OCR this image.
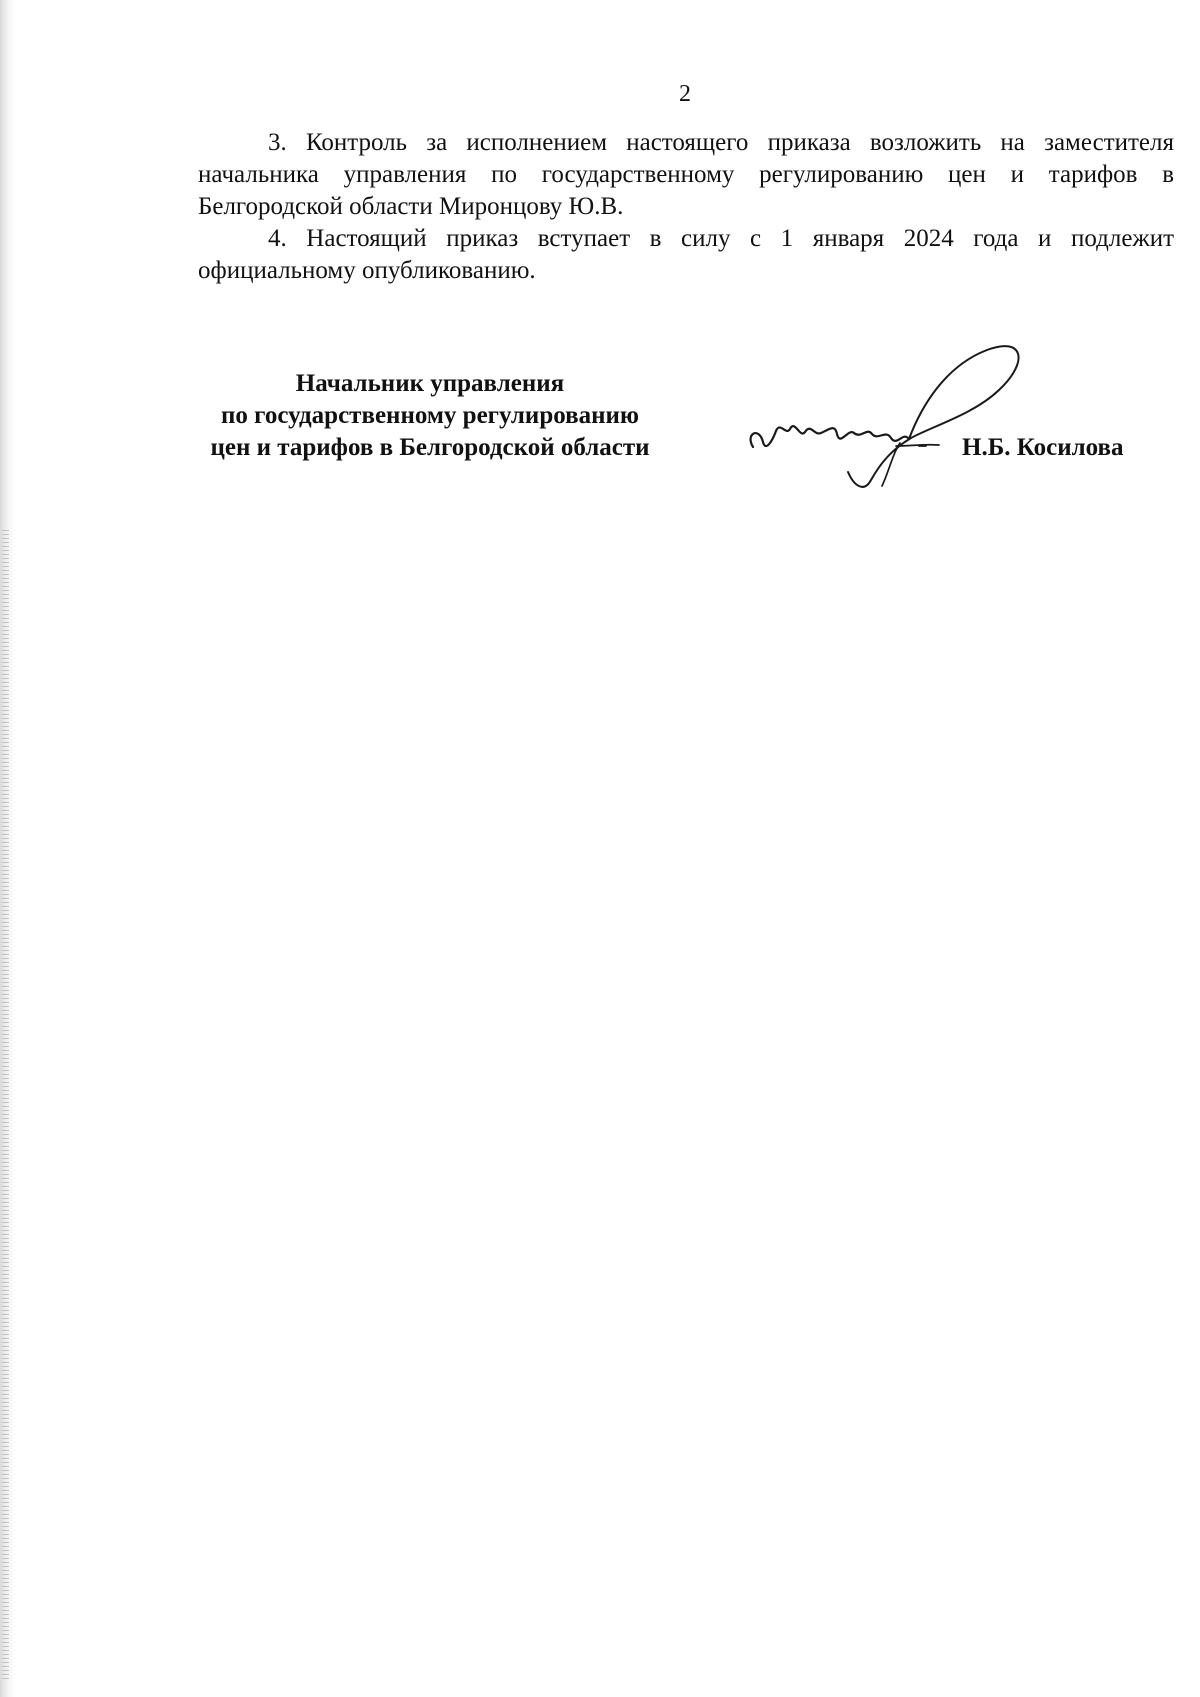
2

3. Контроль за исполнением настоящего приказа возложить на заместителя начальника управления по государственному регулированию цен и тарифов в Белгородской области Миронцову Ю.В.

4. Настоящий приказ вступает в силу с 1 января 2024 года и подлежит официальному опубликованию.

Начальник управления
по государственному регулированию
цен и тарифов в Белгородской области	Н.Б. Косилова
